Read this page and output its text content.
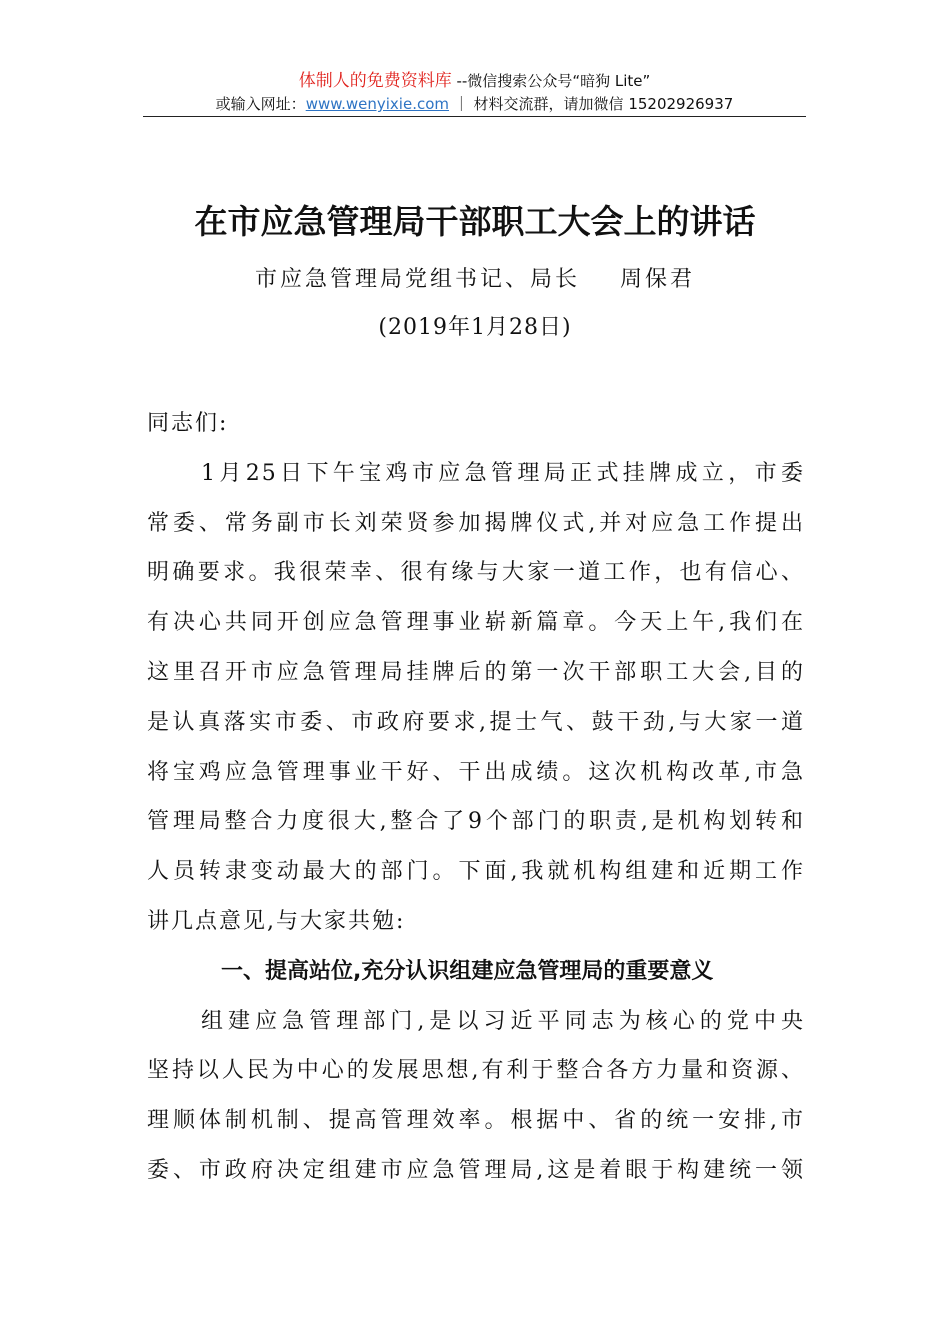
体制人的免费资料库 --微信搜索公众号“暗狗 Lite”
或输入网址：www.wenyixie.com ｜ 材料交流群，请加微信 15202926937
在市应急管理局干部职工大会上的讲话
市应急管理局党组书记、局长 周保君
(2019年1月28日)
同志们:
1月25日下午宝鸡市应急管理局正式挂牌成立，市委
常委、常务副市长刘荣贤参加揭牌仪式,并对应急工作提出
明确要求。我很荣幸、很有缘与大家一道工作，也有信心、
有决心共同开创应急管理事业崭新篇章。今天上午,我们在
这里召开市应急管理局挂牌后的第一次干部职工大会,目的
是认真落实市委、市政府要求,提士气、鼓干劲,与大家一道
将宝鸡应急管理事业干好、干出成绩。这次机构改革,市急
管理局整合力度很大,整合了9个部门的职责,是机构划转和
人员转隶变动最大的部门。下面,我就机构组建和近期工作
讲几点意见,与大家共勉:
一、提高站位,充分认识组建应急管理局的重要意义
组建应急管理部门,是以习近平同志为核心的党中央
坚持以人民为中心的发展思想,有利于整合各方力量和资源、
理顺体制机制、提高管理效率。根据中、省的统一安排,市
委、市政府决定组建市应急管理局,这是着眼于构建统一领
